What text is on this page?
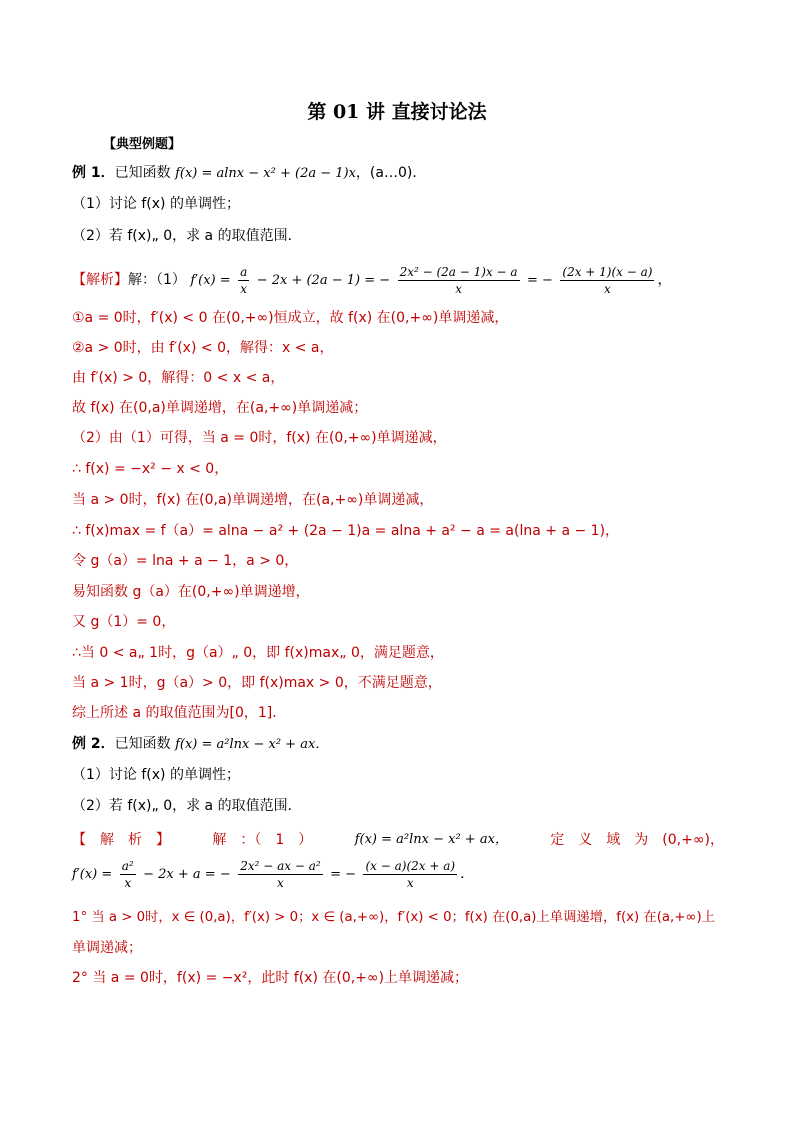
第 01 讲 直接讨论法
【典型例题】
例 1．已知函数 f(x) = alnx − x² + (2a − 1)x，(a…0)．
（1）讨论 f(x) 的单调性；
（2）若 f(x)„ 0，求 a 的取值范围．
【解析】解：（1） $f'(x) = \frac{a}{x} - 2x + (2a - 1)$ = − $\frac{\text{2x² − (2a − 1)x − a}}{x}$ = − $\frac{(2x + 1)(x - a)}{x}$ ，
①a = 0时，f′(x) < 0 在(0,+∞)恒成立，故 f(x) 在(0,+∞)单调递减，
②a > 0时，由 f′(x) < 0，解得：x < a，
由 f′(x) > 0，解得：0 < x < a，
故 f(x) 在(0,a)单调递增，在(a,+∞)单调递减；
（2）由（1）可得，当 a = 0时，f(x) 在(0,+∞)单调递减，
∴ f(x) = −x² − x < 0，
当 a > 0时，f(x) 在(0,a)单调递增，在(a,+∞)单调递减，
∴ f(x)max = f（a）= alna − a² + (2a − 1)a = alna + a² − a = a(lna + a − 1)，
令 g（a）= lna + a − 1，a > 0，
易知函数 g（a）在(0,+∞)单调递增，
又 g（1）= 0，
∴当 0 < a„ 1时，g（a）„ 0，即 f(x)max„ 0，满足题意，
当 a > 1时，g（a）> 0，即 f(x)max > 0，不满足题意，
综上所述 a 的取值范围为[0，1]．
例 2．已知函数 f(x) = a²lnx − x² + ax．
（1）讨论 f(x) 的单调性；
（2）若 f(x)„ 0，求 a 的取值范围．
【　解　析　】	解　：（　1　）	f(x) = a²lnx − x² + ax，	定　义　域　为　(0,+∞)，
$f'(x) = \frac{\text{a²}}{x} - 2x + a$ = − $\frac{\text{2x² − ax − a²}}{x}$ = − $\frac{(x - a)(2x + a)}{x}$ ．
1° 当 a > 0时，x ∈ (0,a)，f′(x) > 0；x ∈ (a,+∞)，f′(x) < 0；f(x) 在(0,a)上单调递增，f(x) 在(a,+∞)上
单调递减；
2° 当 a = 0时，f(x) = −x²，此时 f(x) 在(0,+∞)上单调递减；
